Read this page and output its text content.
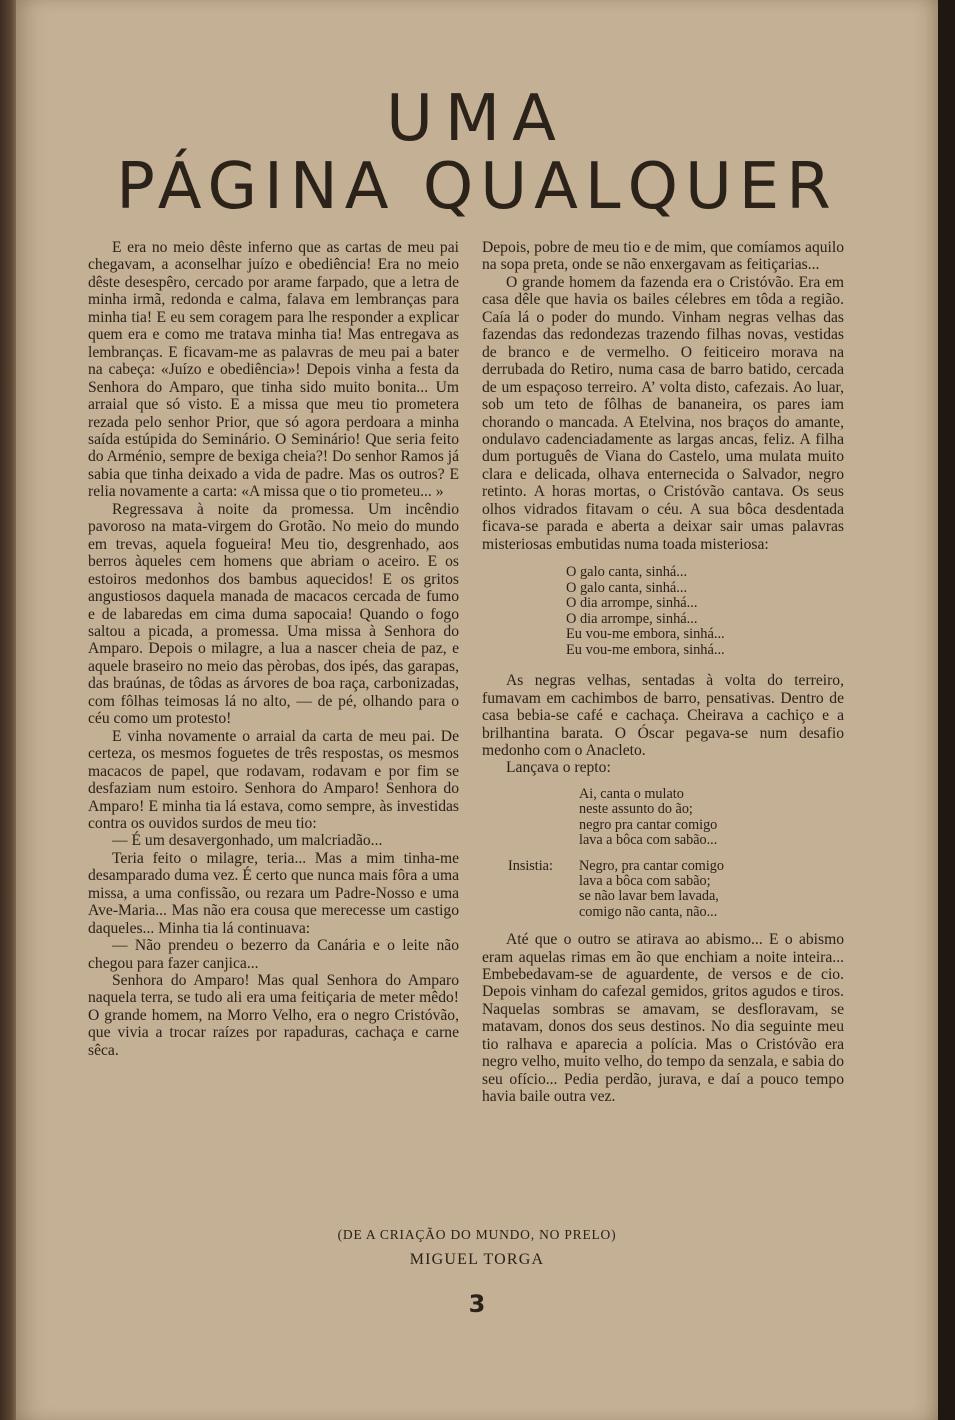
UMA
PÁGINA QUALQUER

E era no meio dêste inferno que as cartas de meu pai chegavam, a aconselhar juízo e obediência! Era no meio dêste desespêro, cercado por arame farpado, que a letra de minha irmã, redonda e calma, falava em lembranças para minha tia! E eu sem coragem para lhe responder a explicar quem era e como me tratava minha tia! Mas entregava as lembranças. E ficavam-me as palavras de meu pai a bater na cabeça: «Juízo e obediência»! Depois vinha a festa da Senhora do Amparo, que tinha sido muito bonita... Um arraial que só visto. E a missa que meu tio prometera rezada pelo senhor Prior, que só agora perdoara a minha saída estúpida do Seminário. O Seminário! Que seria feito do Arménio, sempre de bexiga cheia?! Do senhor Ramos já sabia que tinha deixado a vida de padre. Mas os outros? E relia novamente a carta: «A missa que o tio prometeu... »

Regressava à noite da promessa. Um incêndio pavoroso na mata-virgem do Grotão. No meio do mundo em trevas, aquela fogueira! Meu tio, desgrenhado, aos berros àqueles cem homens que abriam o aceiro. E os estoiros medonhos dos bambus aquecidos! E os gritos angustiosos daquela manada de macacos cercada de fumo e de labaredas em cima duma sapocaia! Quando o fogo saltou a picada, a promessa. Uma missa à Senhora do Amparo. Depois o milagre, a lua a nascer cheia de paz, e aquele braseiro no meio das pèrobas, dos ipés, das garapas, das braúnas, de tôdas as árvores de boa raça, carbonizadas, com fôlhas teimosas lá no alto, — de pé, olhando para o céu como um protesto!

E vinha novamente o arraial da carta de meu pai. De certeza, os mesmos foguetes de três respostas, os mesmos macacos de papel, que rodavam, rodavam e por fim se desfaziam num estoiro. Senhora do Amparo! Senhora do Amparo! E minha tia lá estava, como sempre, às investidas contra os ouvidos surdos de meu tio:

— É um desavergonhado, um malcriadão...

Teria feito o milagre, teria... Mas a mim tinha-me desamparado duma vez. É certo que nunca mais fôra a uma missa, a uma confissão, ou rezara um Padre-Nosso e uma Ave-Maria... Mas não era cousa que merecesse um castigo daqueles... Minha tia lá continuava:

— Não prendeu o bezerro da Canária e o leite não chegou para fazer canjica...

Senhora do Amparo! Mas qual Senhora do Amparo naquela terra, se tudo ali era uma feitiçaria de meter mêdo! O grande homem, na Morro Velho, era o negro Cristóvão, que vivia a trocar raízes por rapaduras, cachaça e carne sêca.

Depois, pobre de meu tio e de mim, que comíamos aquilo na sopa preta, onde se não enxergavam as feitiçarias...

O grande homem da fazenda era o Cristóvão. Era em casa dêle que havia os bailes célebres em tôda a região. Caía lá o poder do mundo. Vinham negras velhas das fazendas das redondezas trazendo filhas novas, vestidas de branco e de vermelho. O feiticeiro morava na derrubada do Retiro, numa casa de barro batido, cercada de um espaçoso terreiro. A’ volta disto, cafezais. Ao luar, sob um teto de fôlhas de bananeira, os pares iam chorando o mancada. A Etelvina, nos braços do amante, ondulavo cadenciadamente as largas ancas, feliz. A filha dum português de Viana do Castelo, uma mulata muito clara e delicada, olhava enternecida o Salvador, negro retinto. A horas mortas, o Cristóvão cantava. Os seus olhos vidrados fitavam o céu. A sua bôca desdentada ficava-se parada e aberta a deixar sair umas palavras misteriosas embutidas numa toada misteriosa:

O galo canta, sinhá...
O galo canta, sinhá...
O dia arrompe, sinhá...
O dia arrompe, sinhá...
Eu vou-me embora, sinhá...
Eu vou-me embora, sinhá...

As negras velhas, sentadas à volta do terreiro, fumavam em cachimbos de barro, pensativas. Dentro de casa bebia-se café e cachaça. Cheirava a cachiço e a brilhantina barata. O Óscar pegava-se num desafio medonho com o Anacleto.

Lançava o repto:

Ai, canta o mulato
neste assunto do ão;
negro pra cantar comigo
lava a bôca com sabão...
Insistia: Negro, pra cantar comigo
lava a bôca com sabão;
se não lavar bem lavada,
comigo não canta, não...

Até que o outro se atirava ao abismo... E o abismo eram aquelas rimas em ão que enchiam a noite inteira... Embebedavam-se de aguardente, de versos e de cio. Depois vinham do cafezal gemidos, gritos agudos e tiros. Naquelas sombras se amavam, se desfloravam, se matavam, donos dos seus destinos. No dia seguinte meu tio ralhava e aparecia a polícia. Mas o Cristóvão era negro velho, muito velho, do tempo da senzala, e sabia do seu ofício... Pedia perdão, jurava, e daí a pouco tempo havia baile outra vez.

(DE A CRIAÇÃO DO MUNDO, NO PRELO)
MIGUEL TORGA
3
